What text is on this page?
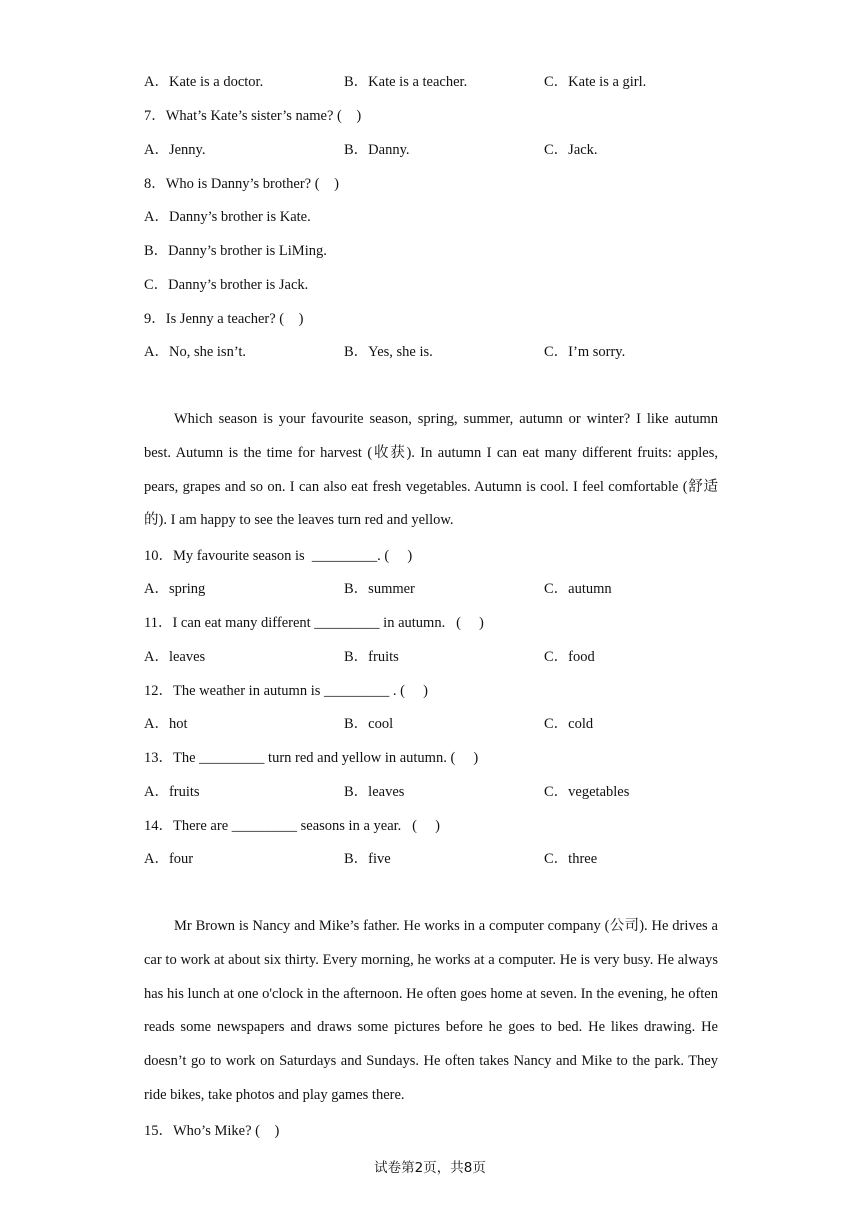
A．Kate is a doctor.	B．Kate is a teacher.	C．Kate is a girl.
7．What’s Kate’s sister’s name? (    )
A．Jenny.	B．Danny.	C．Jack.
8．Who is Danny’s brother? (    )
A．Danny’s brother is Kate.
B．Danny’s brother is LiMing.
C．Danny’s brother is Jack.
9．Is Jenny a teacher? (    )
A．No, she isn’t.	B．Yes, she is.	C．I’m sorry.
Which season is your favourite season, spring, summer, autumn or winter? I like autumn best. Autumn is the time for harvest (收获). In autumn I can eat many different fruits: apples, pears, grapes and so on. I can also eat fresh vegetables. Autumn is cool. I feel comfortable (舒适的). I am happy to see the leaves turn red and yellow.
10．My favourite season is  _________. (     )
A．spring	B．summer	C．autumn
11．I can eat many different _________ in autumn.   (     )
A．leaves	B．fruits	C．food
12．The weather in autumn is _________ . (     )
A．hot	B．cool	C．cold
13．The _________ turn red and yellow in autumn. (     )
A．fruits	B．leaves	C．vegetables
14．There are _________ seasons in a year.   (     )
A．four	B．five	C．three
Mr Brown is Nancy and Mike’s father. He works in a computer company (公司). He drives a car to work at about six thirty. Every morning, he works at a computer. He is very busy. He always has his lunch at one o'clock in the afternoon. He often goes home at seven. In the evening, he often reads some newspapers and draws some pictures before he goes to bed. He likes drawing. He doesn’t go to work on Saturdays and Sundays. He often takes Nancy and Mike to the park. They ride bikes, take photos and play games there.
15．Who’s Mike? (    )
试卷第2页，共8页
